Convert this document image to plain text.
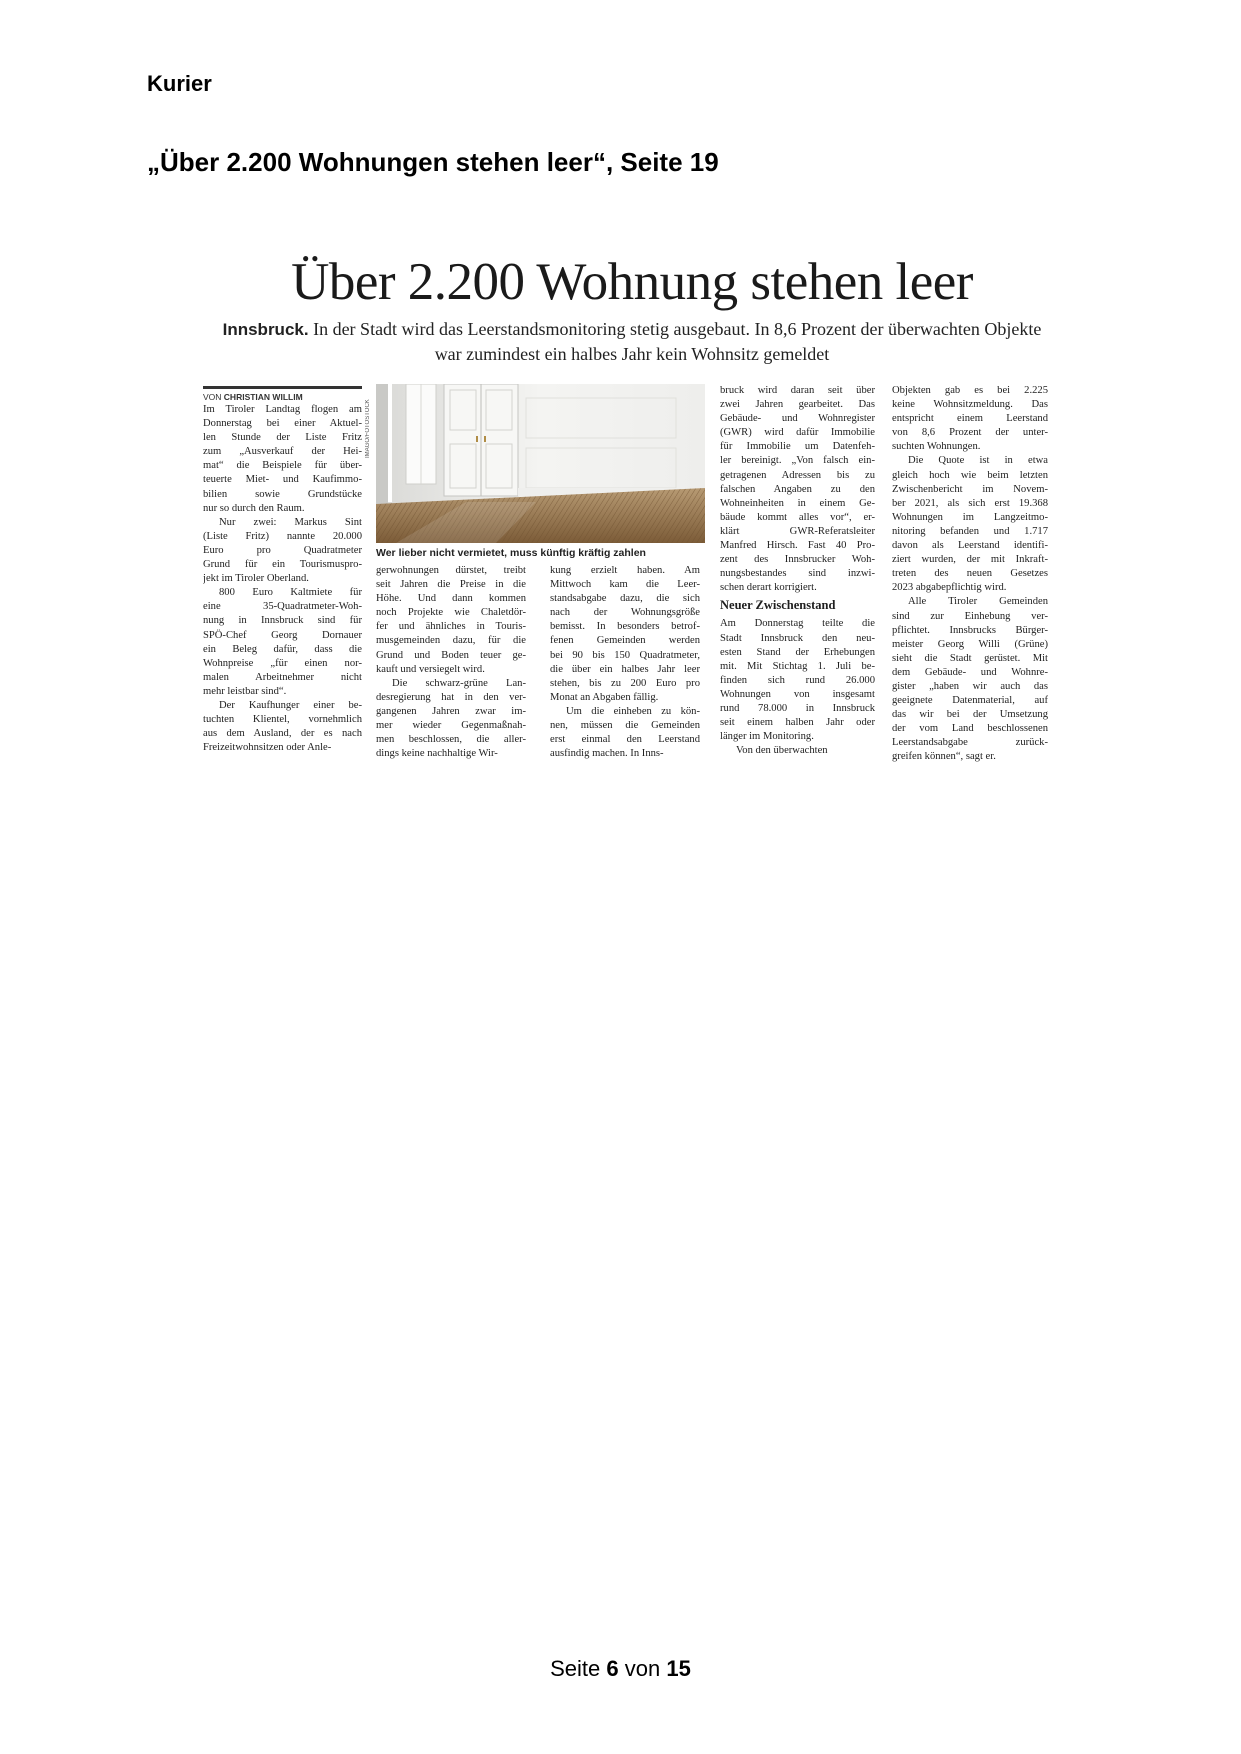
Kurier
„Über 2.200 Wohnungen stehen leer“, Seite 19
Über 2.200 Wohnung stehen leer
Innsbruck. In der Stadt wird das Leerstandsmonitoring stetig ausgebaut. In 8,6 Prozent der überwachten Objekte war zumindest ein halbes Jahr kein Wohnsitz gemeldet
VON CHRISTIAN WILLIM
Im Tiroler Landtag flogen am
Donnerstag bei einer Aktuel-
len Stunde der Liste Fritz
zum „Ausverkauf der Hei-
mat“ die Beispiele für über-
teuerte Miet- und Kaufimmo-
bilien sowie Grundstücke
nur so durch den Raum.
Nur zwei: Markus Sint
(Liste Fritz) nannte 20.000
Euro pro Quadratmeter
Grund für ein Tourismuspro-
jekt im Tiroler Oberland.
800 Euro Kaltmiete für
eine 35-Quadratmeter-Woh-
nung in Innsbruck sind für
SPÖ-Chef Georg Dornauer
ein Beleg dafür, dass die
Wohnpreise „für einen nor-
malen Arbeitnehmer nicht
mehr leistbar sind“.
Der Kaufhunger einer be-
tuchten Klientel, vornehmlich
aus dem Ausland, der es nach
Freizeitwohnsitzen oder Anle-
IMAGO/FOTOSTOCK
Wer lieber nicht vermietet, muss künftig kräftig zahlen
gerwohnungen dürstet, treibt
seit Jahren die Preise in die
Höhe. Und dann kommen
noch Projekte wie Chaletdör-
fer und ähnliches in Touris-
musgemeinden dazu, für die
Grund und Boden teuer ge-
kauft und versiegelt wird.
Die schwarz-grüne Lan-
desregierung hat in den ver-
gangenen Jahren zwar im-
mer wieder Gegenmaßnah-
men beschlossen, die aller-
dings keine nachhaltige Wir-
kung erzielt haben. Am
Mittwoch kam die Leer-
standsabgabe dazu, die sich
nach der Wohnungsgröße
bemisst. In besonders betrof-
fenen Gemeinden werden
bei 90 bis 150 Quadratmeter,
die über ein halbes Jahr leer
stehen, bis zu 200 Euro pro
Monat an Abgaben fällig.
Um die einheben zu kön-
nen, müssen die Gemeinden
erst einmal den Leerstand
ausfindig machen. In Inns-
bruck wird daran seit über
zwei Jahren gearbeitet. Das
Gebäude- und Wohnregister
(GWR) wird dafür Immobilie
für Immobilie um Datenfeh-
ler bereinigt. „Von falsch ein-
getragenen Adressen bis zu
falschen Angaben zu den
Wohneinheiten in einem Ge-
bäude kommt alles vor“, er-
klärt GWR-Referatsleiter
Manfred Hirsch. Fast 40 Pro-
zent des Innsbrucker Woh-
nungsbestandes sind inzwi-
schen derart korrigiert.
Neuer Zwischenstand
Am Donnerstag teilte die
Stadt Innsbruck den neu-
esten Stand der Erhebungen
mit. Mit Stichtag 1. Juli be-
finden sich rund 26.000
Wohnungen von insgesamt
rund 78.000 in Innsbruck
seit einem halben Jahr oder
länger im Monitoring.
Von den überwachten
Objekten gab es bei 2.225
keine Wohnsitzmeldung. Das
entspricht einem Leerstand
von 8,6 Prozent der unter-
suchten Wohnungen.
Die Quote ist in etwa
gleich hoch wie beim letzten
Zwischenbericht im Novem-
ber 2021, als sich erst 19.368
Wohnungen im Langzeitmo-
nitoring befanden und 1.717
davon als Leerstand identifi-
ziert wurden, der mit Inkraft-
treten des neuen Gesetzes
2023 abgabepflichtig wird.
Alle Tiroler Gemeinden
sind zur Einhebung ver-
pflichtet. Innsbrucks Bürger-
meister Georg Willi (Grüne)
sieht die Stadt gerüstet. Mit
dem Gebäude- und Wohnre-
gister „haben wir auch das
geeignete Datenmaterial, auf
das wir bei der Umsetzung
der vom Land beschlossenen
Leerstandsabgabe zurück-
greifen können“, sagt er.
Seite 6 von 15
